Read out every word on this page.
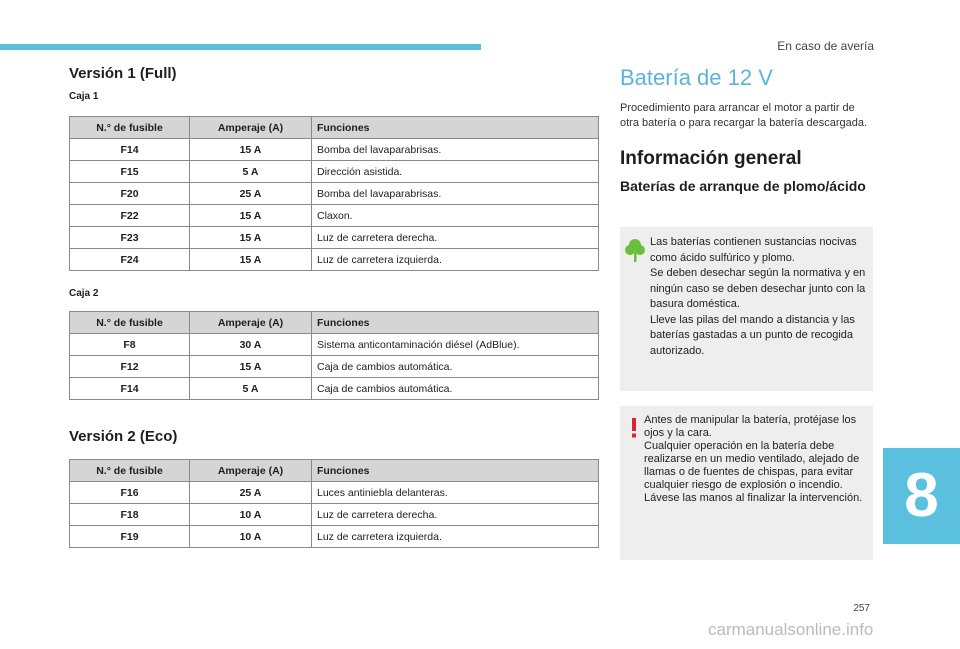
En caso de avería
Versión 1 (Full)
Caja 1
N.° de fusible	Amperaje (A)	Funciones
F14	15 A	Bomba del lavaparabrisas.
F15	5 A	Dirección asistida.
F20	25 A	Bomba del lavaparabrisas.
F22	15 A	Claxon.
F23	15 A	Luz de carretera derecha.
F24	15 A	Luz de carretera izquierda.
Caja 2
N.° de fusible	Amperaje (A)	Funciones
F8	30 A	Sistema anticontaminación diésel (AdBlue).
F12	15 A	Caja de cambios automática.
F14	5 A	Caja de cambios automática.
Versión 2 (Eco)
N.° de fusible	Amperaje (A)	Funciones
F16	25 A	Luces antiniebla delanteras.
F18	10 A	Luz de carretera derecha.
F19	10 A	Luz de carretera izquierda.
Batería de 12 V

Procedimiento para arrancar el motor a partir de otra batería o para recargar la batería descargada.

Información general
Baterías de arranque de plomo/ácido

Las baterías contienen sustancias nocivas como ácido sulfúrico y plomo.

Se deben desechar según la normativa y en ningún caso se deben desechar junto con la basura doméstica.

Lleve las pilas del mando a distancia y las baterías gastadas a un punto de recogida autorizado.

Antes de manipular la batería, protéjase los ojos y la cara.

Cualquier operación en la batería debe realizarse en un medio ventilado, alejado de llamas o de fuentes de chispas, para evitar cualquier riesgo de explosión o incendio.

Lávese las manos al finalizar la intervención. 8
257
carmanualsonline.info
